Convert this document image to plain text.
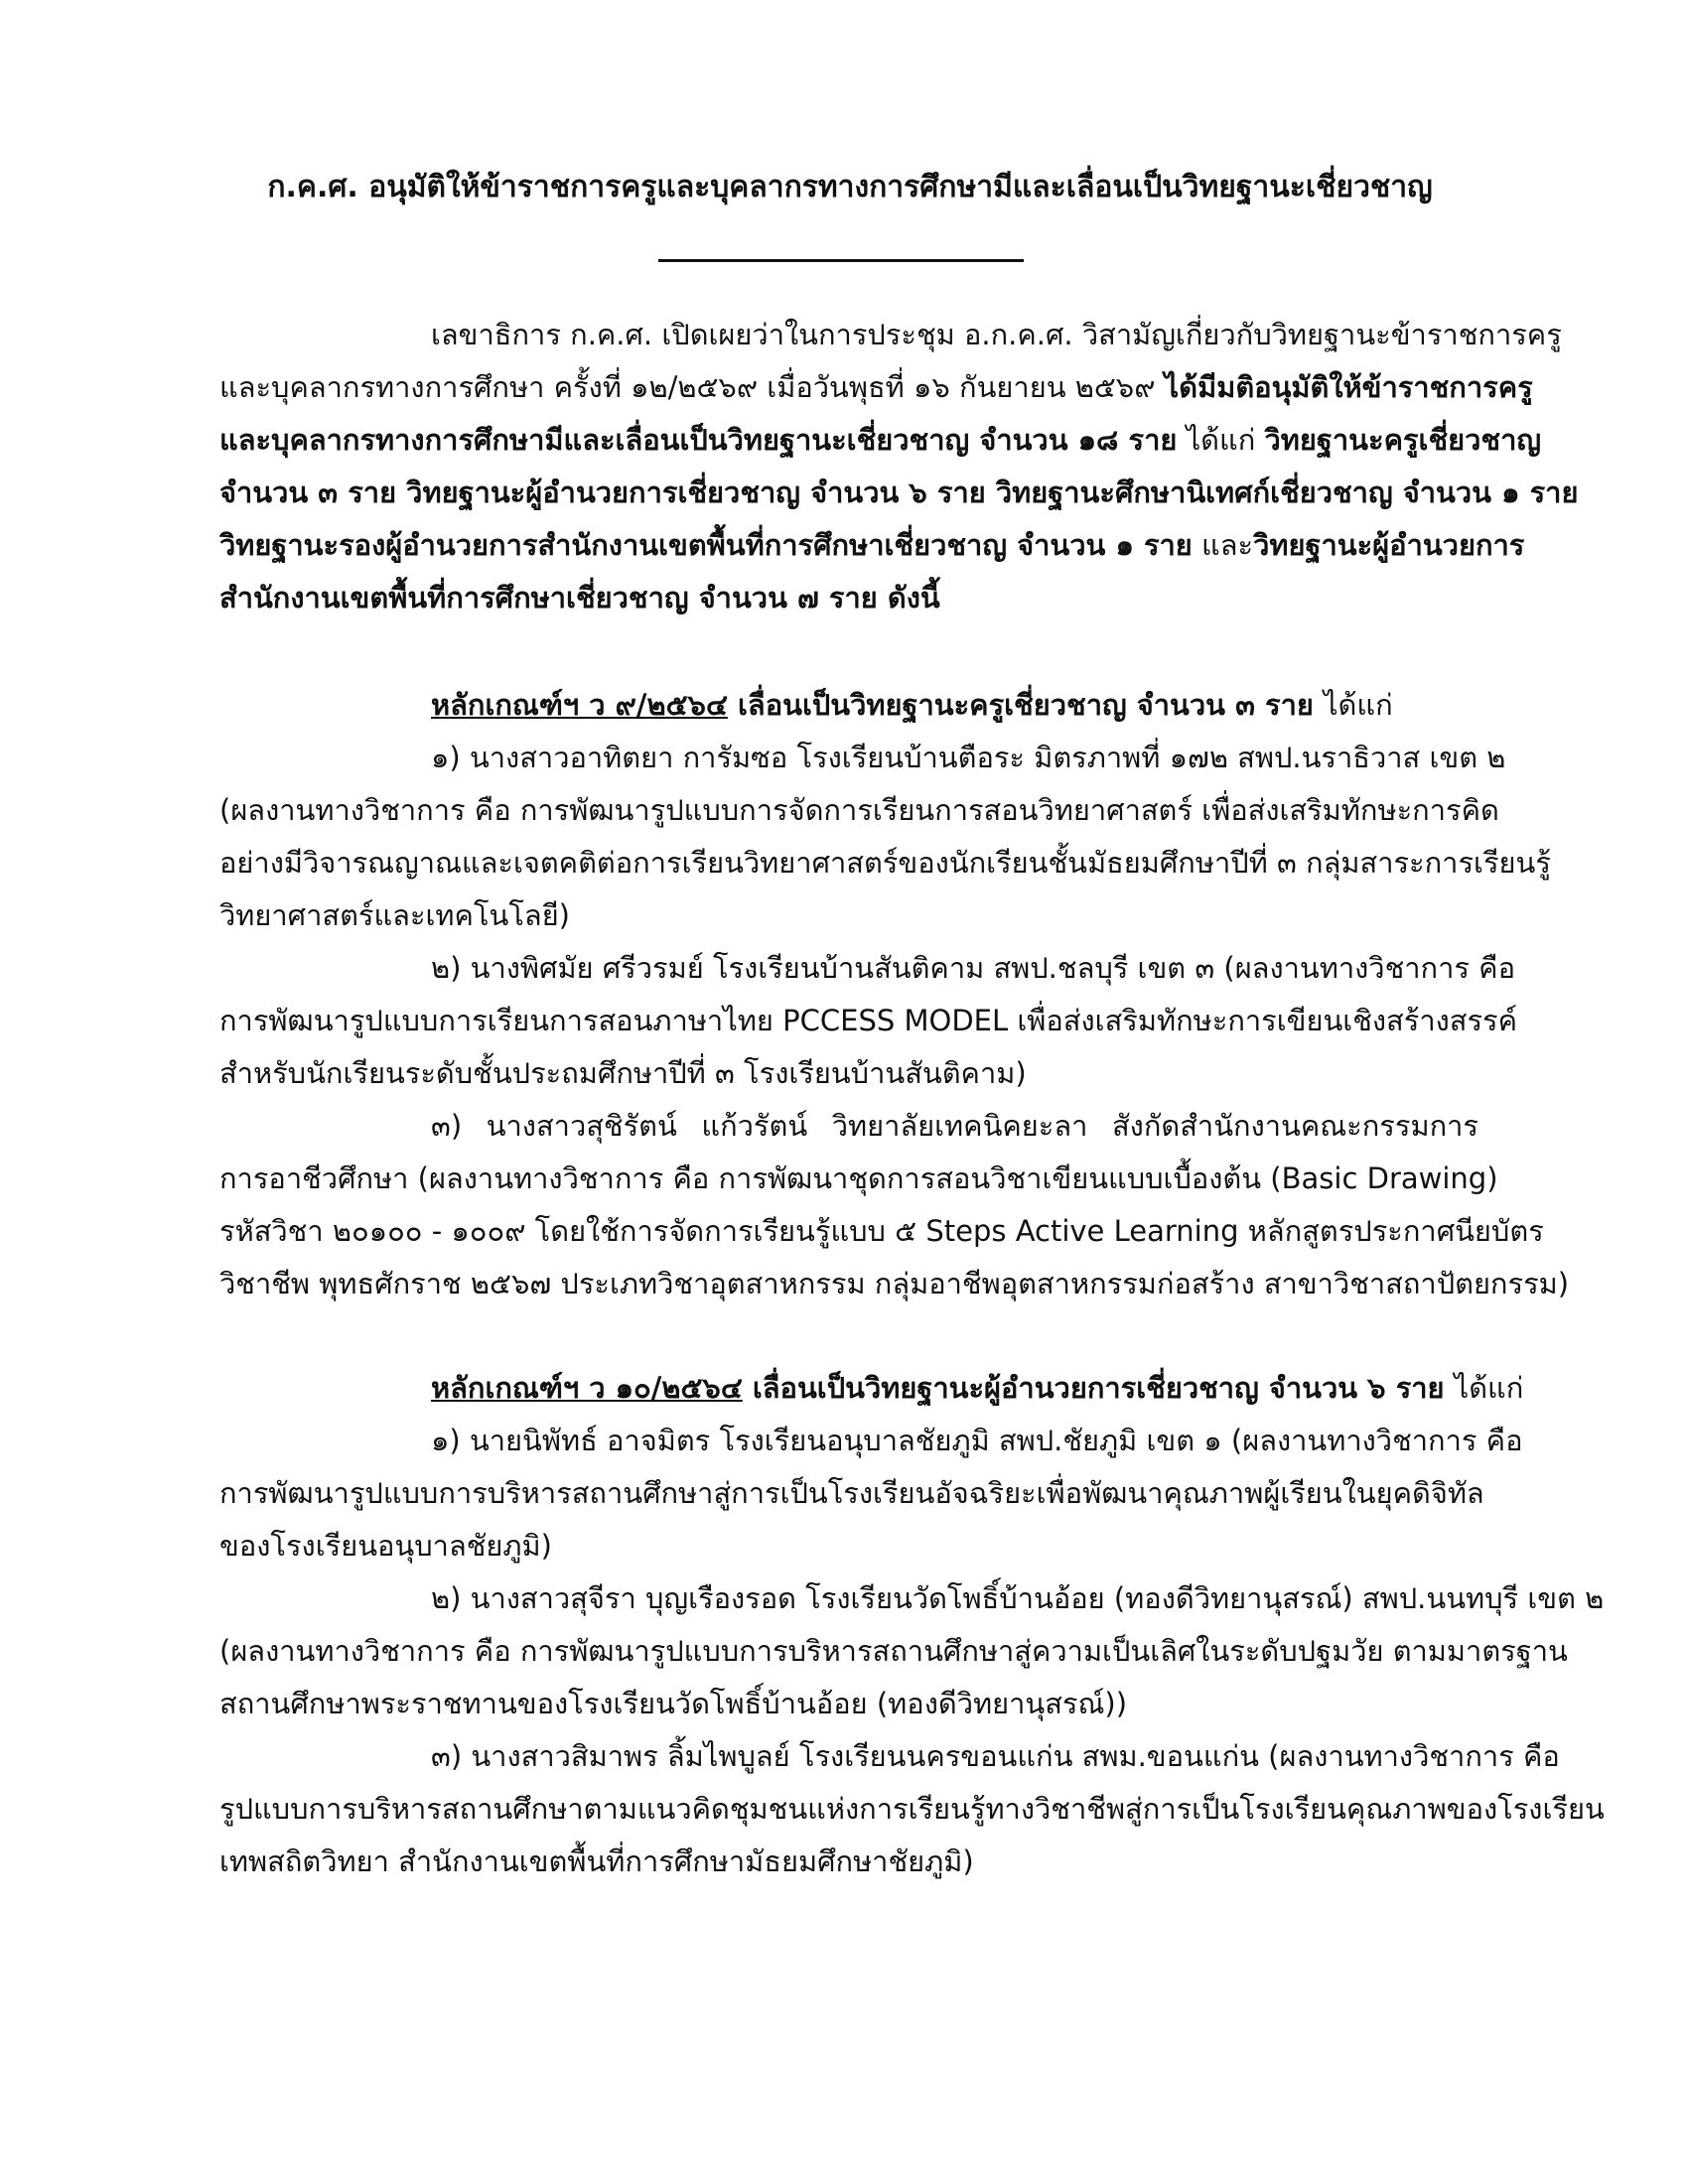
ก.ค.ศ. อนุมัติให้ข้าราชการครูและบุคลากรทางการศึกษามีและเลื่อนเป็นวิทยฐานะเชี่ยวชาญ
เลขาธิการ ก.ค.ศ. เปิดเผยว่าในการประชุม อ.ก.ค.ศ. วิสามัญเกี่ยวกับวิทยฐานะข้าราชการครู
และบุคลากรทางการศึกษา ครั้งที่ ๑๒/๒๕๖๙ เมื่อวันพุธที่ ๑๖ กันยายน ๒๕๖๙ ได้มีมติอนุมัติให้ข้าราชการครู
และบุคลากรทางการศึกษามีและเลื่อนเป็นวิทยฐานะเชี่ยวชาญ จำนวน ๑๘ ราย ได้แก่ วิทยฐานะครูเชี่ยวชาญ
จำนวน ๓ ราย วิทยฐานะผู้อำนวยการเชี่ยวชาญ จำนวน ๖ ราย วิทยฐานะศึกษานิเทศก์เชี่ยวชาญ จำนวน ๑ ราย
วิทยฐานะรองผู้อำนวยการสำนักงานเขตพื้นที่การศึกษาเชี่ยวชาญ จำนวน ๑ ราย และวิทยฐานะผู้อำนวยการ
สำนักงานเขตพื้นที่การศึกษาเชี่ยวชาญ จำนวน ๗ ราย ดังนี้
หลักเกณฑ์ฯ ว ๙/๒๕๖๔ เลื่อนเป็นวิทยฐานะครูเชี่ยวชาญ จำนวน ๓ ราย ได้แก่
๑) นางสาวอาทิตยา การัมซอ โรงเรียนบ้านตือระ มิตรภาพที่ ๑๗๒ สพป.นราธิวาส เขต ๒
(ผลงานทางวิชาการ คือ การพัฒนารูปแบบการจัดการเรียนการสอนวิทยาศาสตร์ เพื่อส่งเสริมทักษะการคิด
อย่างมีวิจารณญาณและเจตคติต่อการเรียนวิทยาศาสตร์ของนักเรียนชั้นมัธยมศึกษาปีที่ ๓ กลุ่มสาระการเรียนรู้
วิทยาศาสตร์และเทคโนโลยี)
๒) นางพิศมัย ศรีวรมย์ โรงเรียนบ้านสันติคาม สพป.ชลบุรี เขต ๓ (ผลงานทางวิชาการ คือ
การพัฒนารูปแบบการเรียนการสอนภาษาไทย PCCESS MODEL เพื่อส่งเสริมทักษะการเขียนเชิงสร้างสรรค์
สำหรับนักเรียนระดับชั้นประถมศึกษาปีที่ ๓ โรงเรียนบ้านสันติคาม)
๓) นางสาวสุชิรัตน์ แก้วรัตน์ วิทยาลัยเทคนิคยะลา สังกัดสำนักงานคณะกรรมการ
การอาชีวศึกษา (ผลงานทางวิชาการ คือ การพัฒนาชุดการสอนวิชาเขียนแบบเบื้องต้น (Basic Drawing)
รหัสวิชา ๒๐๑๐๐ - ๑๐๐๙ โดยใช้การจัดการเรียนรู้แบบ ๕ Steps Active Learning หลักสูตรประกาศนียบัตร
วิชาชีพ พุทธศักราช ๒๕๖๗ ประเภทวิชาอุตสาหกรรม กลุ่มอาชีพอุตสาหกรรมก่อสร้าง สาขาวิชาสถาปัตยกรรม)
หลักเกณฑ์ฯ ว ๑๐/๒๕๖๔ เลื่อนเป็นวิทยฐานะผู้อำนวยการเชี่ยวชาญ จำนวน ๖ ราย ได้แก่
๑) นายนิพัทธ์ อาจมิตร โรงเรียนอนุบาลชัยภูมิ สพป.ชัยภูมิ เขต ๑ (ผลงานทางวิชาการ คือ
การพัฒนารูปแบบการบริหารสถานศึกษาสู่การเป็นโรงเรียนอัจฉริยะเพื่อพัฒนาคุณภาพผู้เรียนในยุคดิจิทัล
ของโรงเรียนอนุบาลชัยภูมิ)
๒) นางสาวสุจีรา บุญเรืองรอด โรงเรียนวัดโพธิ์บ้านอ้อย (ทองดีวิทยานุสรณ์) สพป.นนทบุรี เขต ๒
(ผลงานทางวิชาการ คือ การพัฒนารูปแบบการบริหารสถานศึกษาสู่ความเป็นเลิศในระดับปฐมวัย ตามมาตรฐาน
สถานศึกษาพระราชทานของโรงเรียนวัดโพธิ์บ้านอ้อย (ทองดีวิทยานุสรณ์))
๓) นางสาวสิมาพร ลิ้มไพบูลย์ โรงเรียนนครขอนแก่น สพม.ขอนแก่น (ผลงานทางวิชาการ คือ
รูปแบบการบริหารสถานศึกษาตามแนวคิดชุมชนแห่งการเรียนรู้ทางวิชาชีพสู่การเป็นโรงเรียนคุณภาพของโรงเรียน
เทพสถิตวิทยา สำนักงานเขตพื้นที่การศึกษามัธยมศึกษาชัยภูมิ)
